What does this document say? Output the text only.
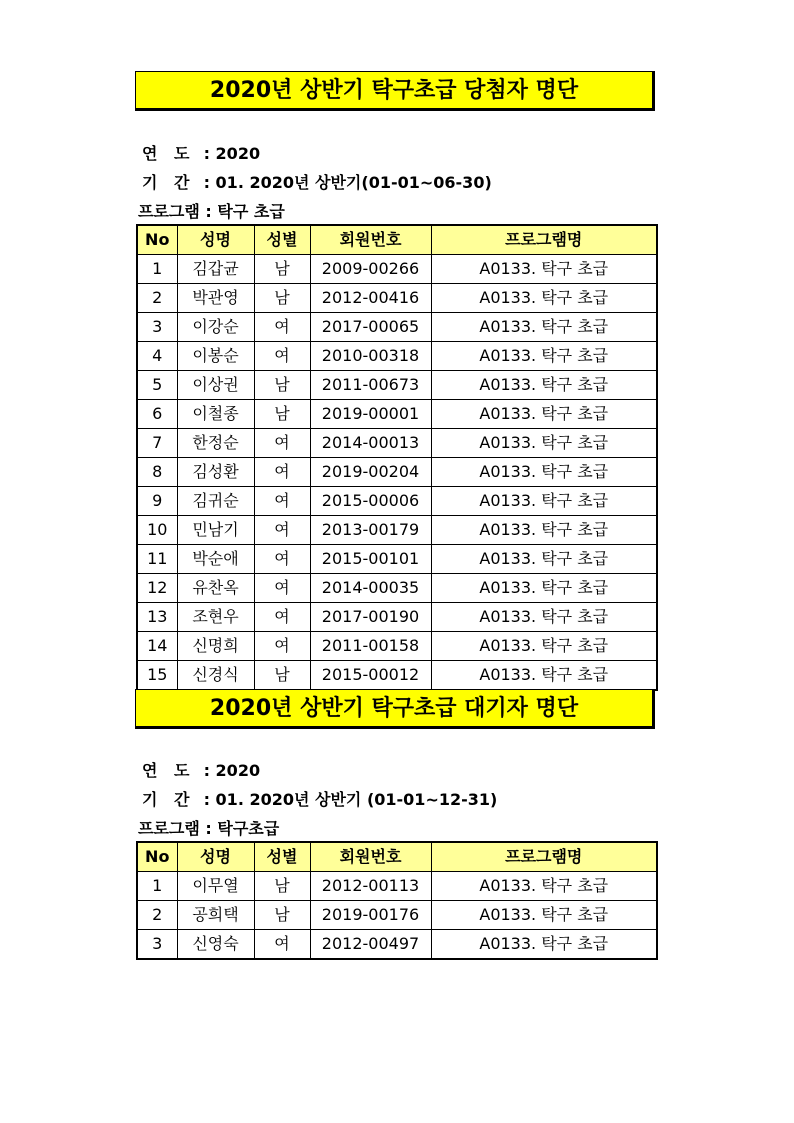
2020년 상반기 탁구초급 당첨자 명단
연 도 : 2020
기 간 : 01. 2020년 상반기(01-01~06-30)
프로그램 : 탁구 초급
No	성명	성별	회원번호	프로그램명
1	김갑균	남	2009-00266	A0133. 탁구 초급
2	박관영	남	2012-00416	A0133. 탁구 초급
3	이강순	여	2017-00065	A0133. 탁구 초급
4	이봉순	여	2010-00318	A0133. 탁구 초급
5	이상권	남	2011-00673	A0133. 탁구 초급
6	이철종	남	2019-00001	A0133. 탁구 초급
7	한정순	여	2014-00013	A0133. 탁구 초급
8	김성환	여	2019-00204	A0133. 탁구 초급
9	김귀순	여	2015-00006	A0133. 탁구 초급
10	민남기	여	2013-00179	A0133. 탁구 초급
11	박순애	여	2015-00101	A0133. 탁구 초급
12	유찬옥	여	2014-00035	A0133. 탁구 초급
13	조현우	여	2017-00190	A0133. 탁구 초급
14	신명희	여	2011-00158	A0133. 탁구 초급
15	신경식	남	2015-00012	A0133. 탁구 초급
2020년 상반기 탁구초급 대기자 명단
연 도 : 2020
기 간 : 01. 2020년 상반기 (01-01~12-31)
프로그램 : 탁구초급
No	성명	성별	회원번호	프로그램명
1	이무열	남	2012-00113	A0133. 탁구 초급
2	공희택	남	2019-00176	A0133. 탁구 초급
3	신영숙	여	2012-00497	A0133. 탁구 초급
